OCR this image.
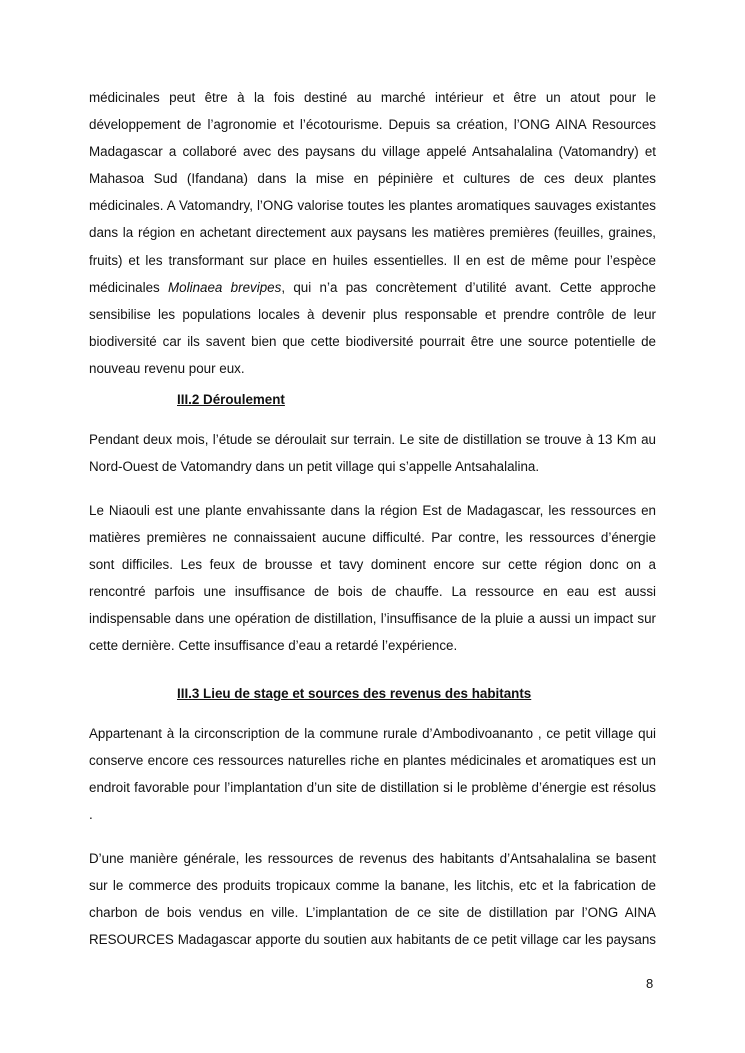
médicinales peut être à la fois destiné au marché intérieur et être un atout pour le développement de l’agronomie et l’écotourisme. Depuis sa création, l’ONG AINA Resources Madagascar a collaboré avec des paysans du village appelé Antsahalalina (Vatomandry) et Mahasoa Sud (Ifandana) dans la mise en pépinière et cultures de ces deux plantes médicinales. A Vatomandry, l’ONG valorise toutes les plantes aromatiques sauvages existantes dans la région en achetant directement aux paysans les matières premières (feuilles, graines, fruits) et les transformant sur place en huiles essentielles. Il en est de même pour l’espèce médicinales Molinaea brevipes, qui n’a pas concrètement d’utilité avant. Cette approche sensibilise les populations locales à devenir plus responsable et prendre contrôle de leur biodiversité car ils savent bien que cette biodiversité pourrait être une source potentielle de nouveau revenu pour eux.

III.2 Déroulement

Pendant deux mois, l’étude se déroulait sur terrain. Le site de distillation se trouve à 13 Km au Nord-Ouest de Vatomandry dans un petit village qui s’appelle Antsahalalina.

Le Niaouli est une plante envahissante dans la région Est de Madagascar, les ressources en matières premières ne connaissaient aucune difficulté. Par contre, les ressources d’énergie sont difficiles. Les feux de brousse et tavy dominent encore sur cette région donc on a rencontré parfois une insuffisance de bois de chauffe. La ressource en eau est aussi indispensable dans une opération de distillation, l’insuffisance de la pluie a aussi un impact sur cette dernière. Cette insuffisance d’eau a retardé l’expérience.

III.3 Lieu de stage et sources des revenus des habitants

Appartenant à la circonscription de la commune rurale d’Ambodivoananto , ce petit village qui conserve encore ces ressources naturelles riche en plantes médicinales et aromatiques est un endroit favorable pour l’implantation d’un site de distillation si le problème d’énergie est résolus .

D’une manière générale, les ressources de revenus des habitants d’Antsahalalina se basent sur le commerce des produits tropicaux comme la banane, les litchis, etc et la fabrication de charbon de bois vendus en ville. L’implantation de ce site de distillation par l’ONG AINA RESOURCES Madagascar apporte du soutien aux habitants de ce petit village car les paysans

8
